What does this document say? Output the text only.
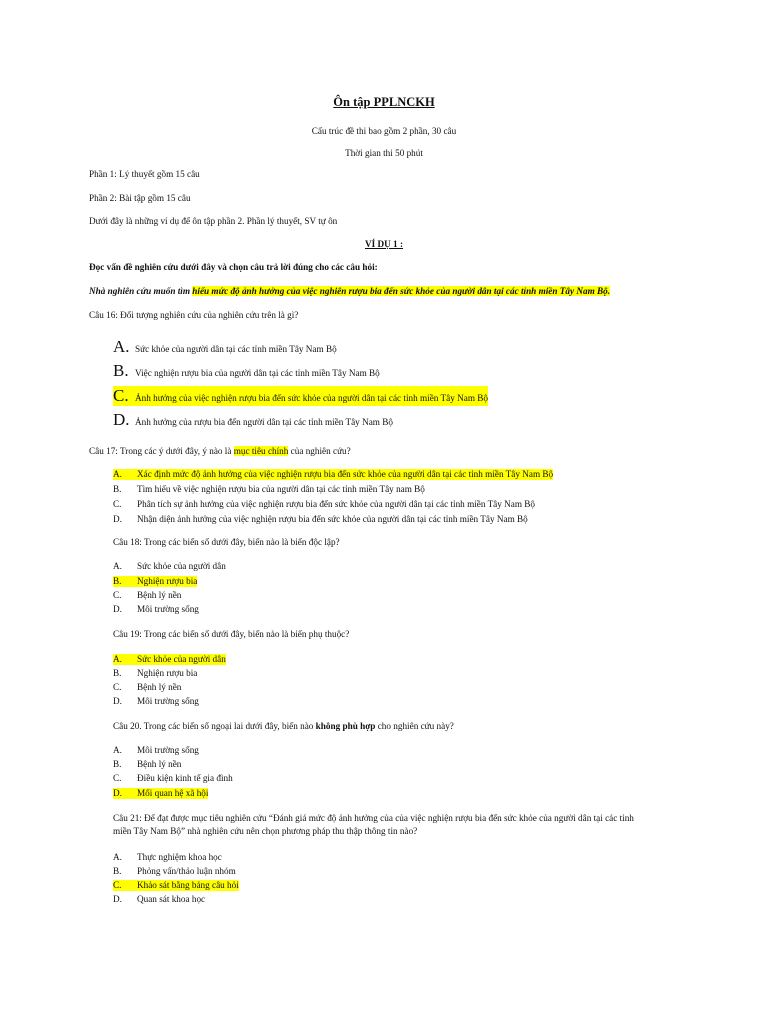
Ôn tập PPLNCKH
Cấu trúc đề thi bao gồm 2 phần, 30 câu
Thời gian thi 50 phút
Phần 1: Lý thuyết gồm 15 câu
Phần 2: Bài tập gồm 15 câu
Dưới đây là những ví dụ để ôn tập phần 2. Phần lý thuyết, SV tự ôn
VÍ DỤ 1 :
Đọc vấn đề nghiên cứu dưới đây và chọn câu trả lời đúng cho các câu hỏi:
Nhà nghiên cứu muốn tìm hiểu mức độ ảnh hưởng của việc nghiên rượu bia đến sức khỏe của người dân tại các tỉnh miền Tây Nam Bộ.
Câu 16: Đối tượng nghiên cứu của nghiên cứu trên là gì?
A. Sức khỏe của người dân tại các tỉnh miền Tây Nam Bộ
B. Việc nghiện rượu bia của người dân tại các tỉnh miền Tây Nam Bộ
C. Ảnh hưởng của việc nghiện rượu bia đến sức khỏe của người dân tại các tỉnh miền Tây Nam Bộ
D. Ảnh hưởng của rượu bia đến người dân tại các tỉnh miền Tây Nam Bộ
Câu 17: Trong các ý dưới đây, ý nào là mục tiêu chính của nghiên cứu?
A. Xác định mức độ ảnh hưởng của việc nghiện rượu bia đến sức khỏe của người dân tại các tỉnh miền Tây Nam Bộ
B. Tìm hiểu về việc nghiện rượu bia của người dân tại các tỉnh miền Tây nam Bộ
C. Phân tích sự ảnh hưởng của việc nghiện rượu bia đến sức khỏe của người dân tại các tỉnh miền Tây Nam Bộ
D. Nhận diện ảnh hưởng của việc nghiện rượu bia đến sức khỏe của người dân tại các tỉnh miền Tây Nam Bộ
Câu 18: Trong các biến số dưới đây, biến nào là biến độc lập?
A. Sức khỏe của người dân
B. Nghiện rượu bia
C. Bệnh lý nền
D. Môi trường sống
Câu 19: Trong các biến số dưới đây, biến nào là biến phụ thuộc?
A. Sức khỏe của người dân
B. Nghiện rượu bia
C. Bệnh lý nền
D. Môi trường sống
Câu 20. Trong các biến số ngoại lai dưới đây, biến nào không phù hợp cho nghiên cứu này?
A. Môi trường sống
B. Bệnh lý nền
C. Điều kiện kinh tế gia đình
D. Mối quan hệ xã hội
Câu 21: Để đạt được mục tiêu nghiên cứu “Đánh giá mức độ ảnh hưởng của của việc nghiện rượu bia đến sức khỏe của người dân tại các tỉnh
miền Tây Nam Bộ” nhà nghiên cứu nên chọn phương pháp thu thập thông tin nào?
A. Thực nghiệm khoa học
B. Phỏng vấn/thảo luận nhóm
C. Khảo sát bằng bảng câu hỏi
D. Quan sát khoa học
